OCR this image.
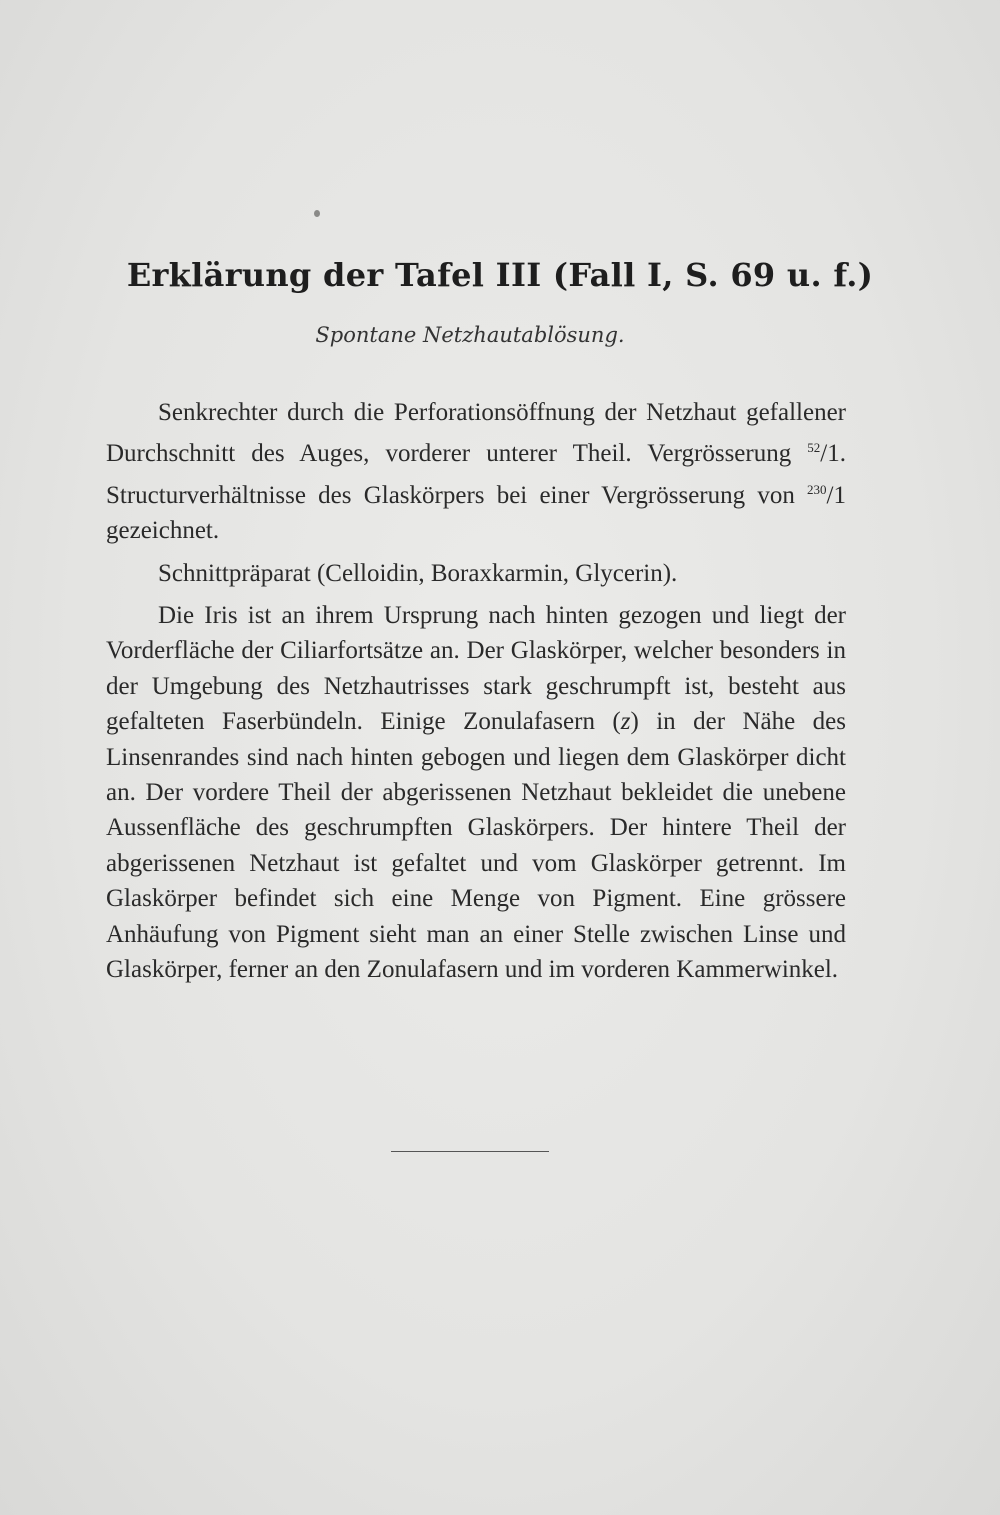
Erklärung der Tafel III (Fall I, S. 69 u. f.)
Spontane Netzhautablösung.

Senkrechter durch die Perforationsöffnung der Netzhaut gefallener Durchschnitt des Auges, vorderer unterer Theil. Vergrösserung $^{52}$/1. Structurverhältnisse des Glaskörpers bei einer Vergrösserung von $^{230}$/1 gezeichnet.

Schnittpräparat (Celloidin, Boraxkarmin, Glycerin).

Die Iris ist an ihrem Ursprung nach hinten gezogen und liegt der Vorderfläche der Ciliarfortsätze an. Der Glaskörper, welcher besonders in der Umgebung des Netzhautrisses stark geschrumpft ist, besteht aus gefalteten Faserbündeln. Einige Zonulafasern (z) in der Nähe des Linsenrandes sind nach hinten gebogen und liegen dem Glaskörper dicht an. Der vordere Theil der abgerissenen Netzhaut bekleidet die unebene Aussenfläche des geschrumpften Glaskörpers. Der hintere Theil der abgerissenen Netzhaut ist gefaltet und vom Glaskörper getrennt. Im Glaskörper befindet sich eine Menge von Pigment. Eine grössere Anhäufung von Pigment sieht man an einer Stelle zwischen Linse und Glaskörper, ferner an den Zonulafasern und im vorderen Kammerwinkel.
